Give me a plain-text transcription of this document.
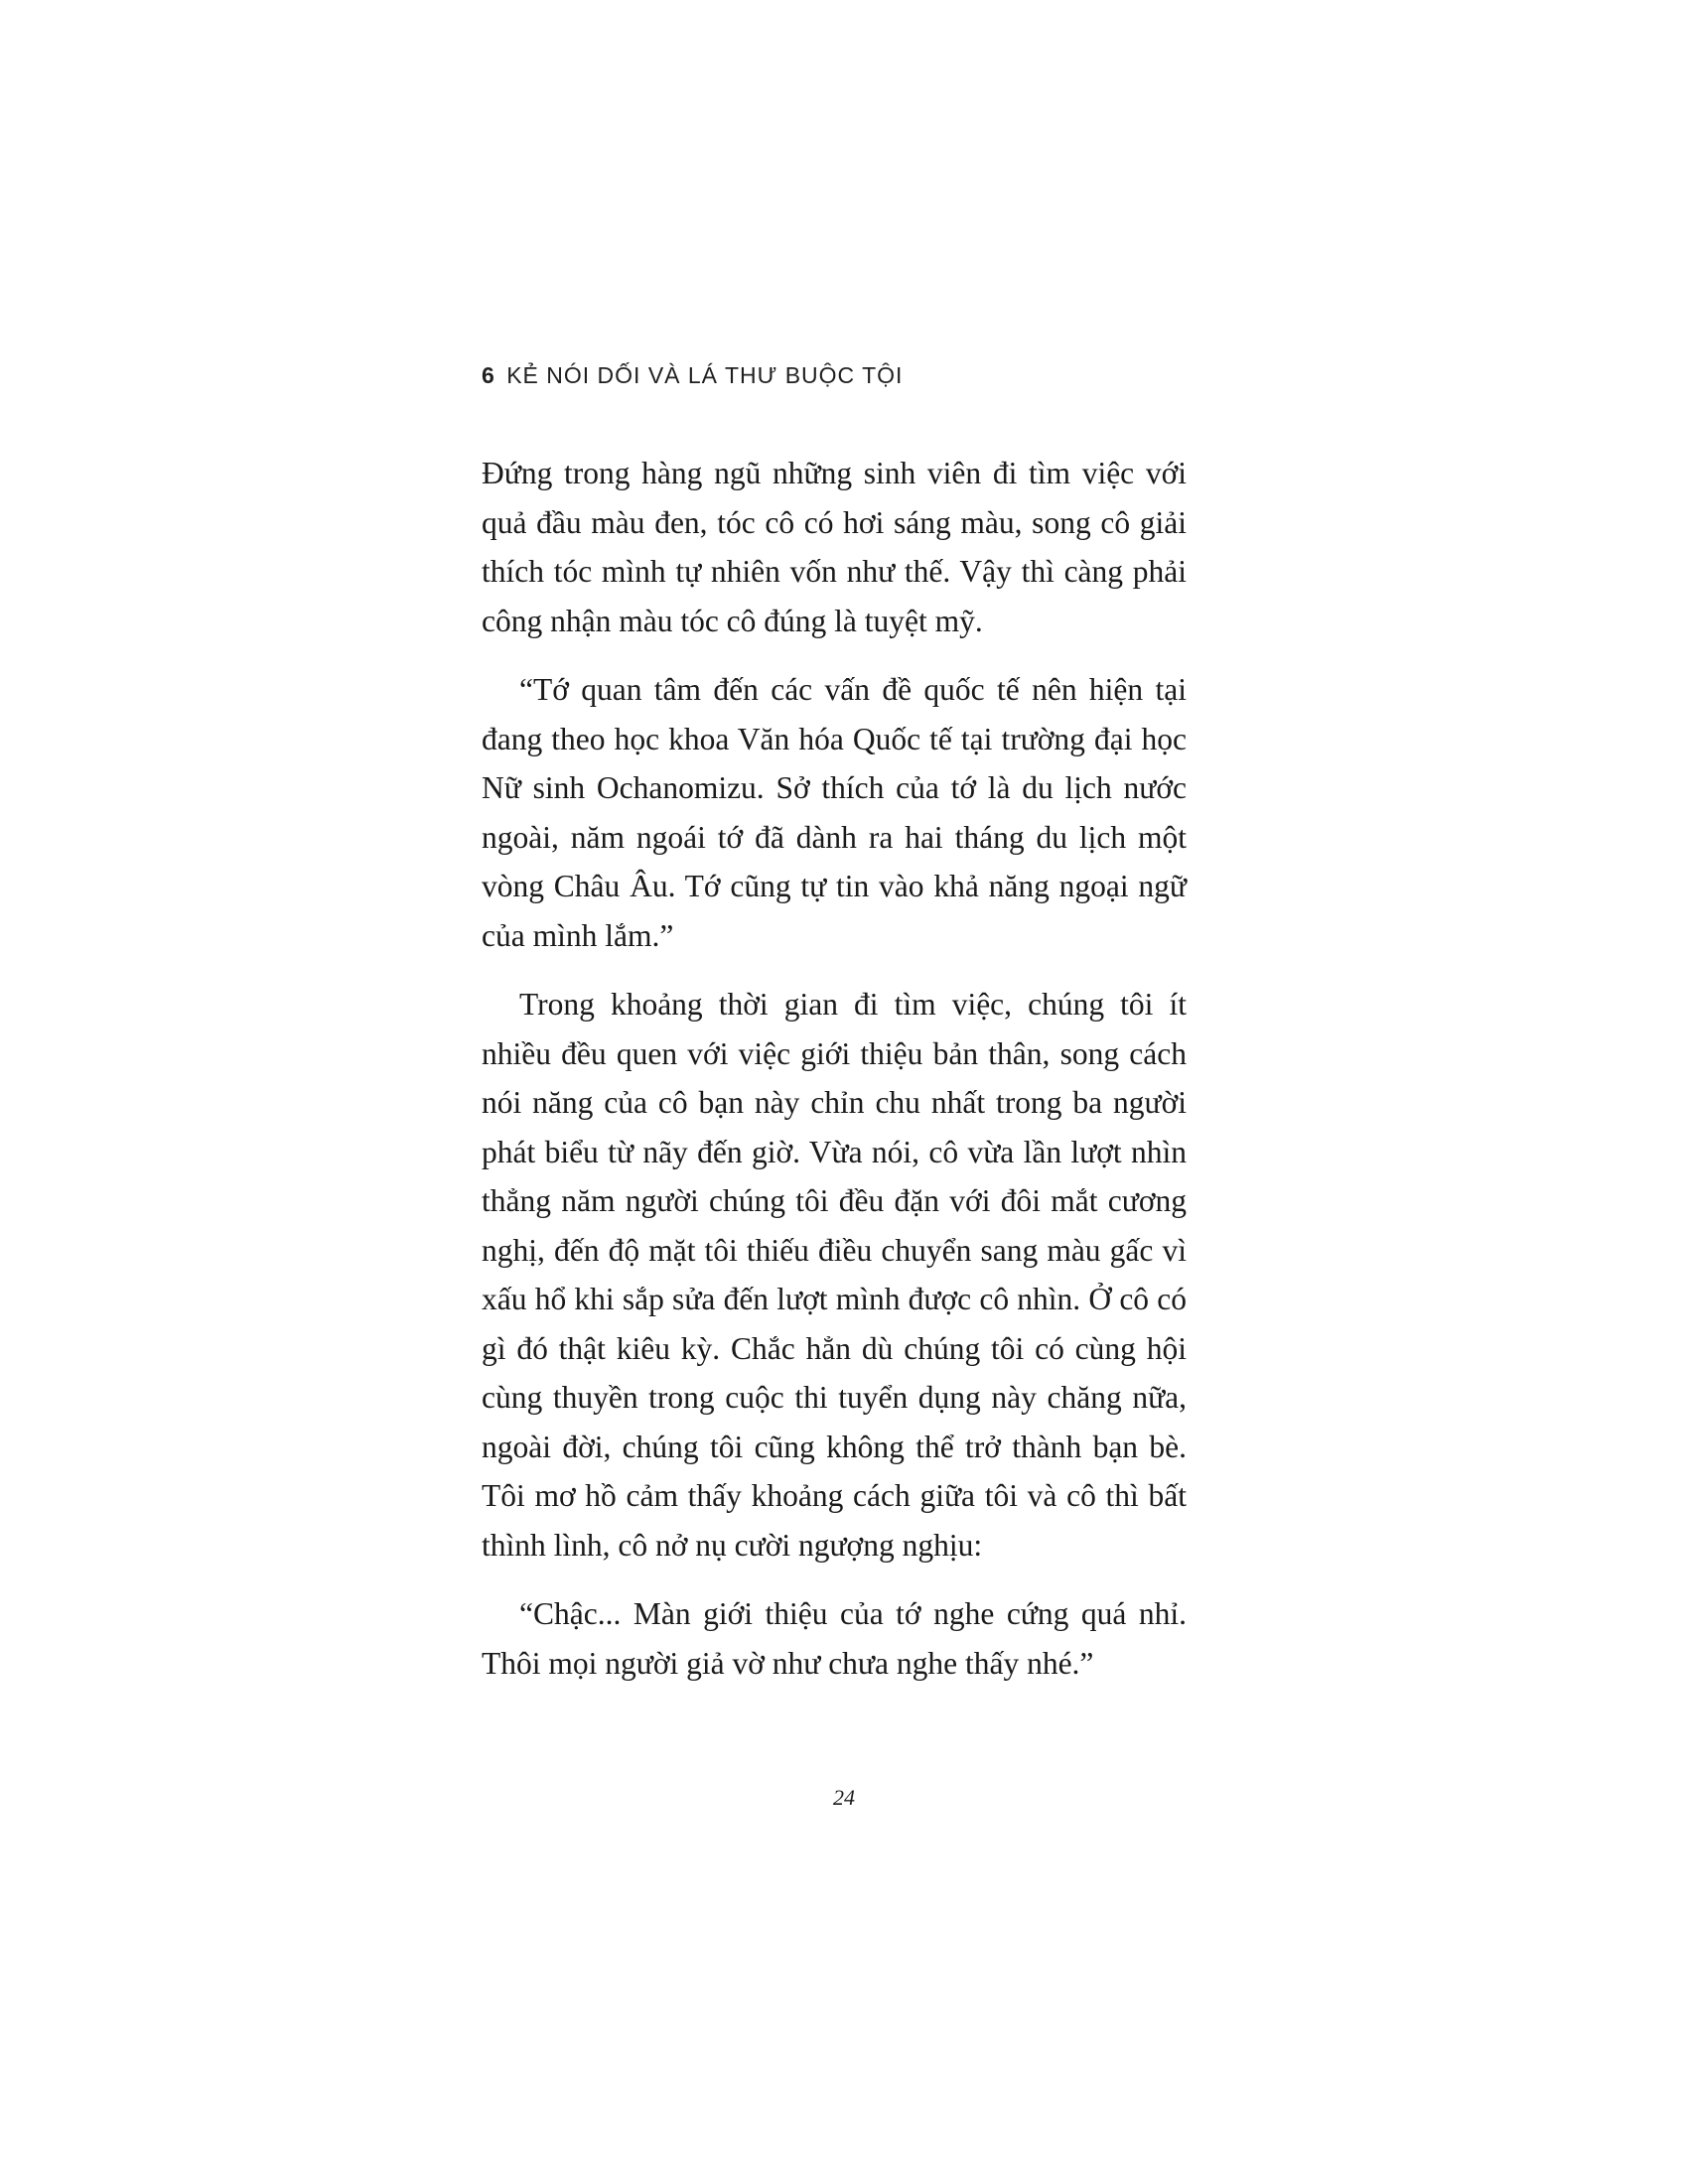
6 KẺ NÓI DỐI VÀ LÁ THƯ BUỘC TỘI

Đứng trong hàng ngũ những sinh viên đi tìm việc với quả đầu màu đen, tóc cô có hơi sáng màu, song cô giải thích tóc mình tự nhiên vốn như thế. Vậy thì càng phải công nhận màu tóc cô đúng là tuyệt mỹ.

“Tớ quan tâm đến các vấn đề quốc tế nên hiện tại đang theo học khoa Văn hóa Quốc tế tại trường đại học Nữ sinh Ochanomizu. Sở thích của tớ là du lịch nước ngoài, năm ngoái tớ đã dành ra hai tháng du lịch một vòng Châu Âu. Tớ cũng tự tin vào khả năng ngoại ngữ của mình lắm.”

Trong khoảng thời gian đi tìm việc, chúng tôi ít nhiều đều quen với việc giới thiệu bản thân, song cách nói năng của cô bạn này chỉn chu nhất trong ba người phát biểu từ nãy đến giờ. Vừa nói, cô vừa lần lượt nhìn thẳng năm người chúng tôi đều đặn với đôi mắt cương nghị, đến độ mặt tôi thiếu điều chuyển sang màu gấc vì xấu hổ khi sắp sửa đến lượt mình được cô nhìn. Ở cô có gì đó thật kiêu kỳ. Chắc hẳn dù chúng tôi có cùng hội cùng thuyền trong cuộc thi tuyển dụng này chăng nữa, ngoài đời, chúng tôi cũng không thể trở thành bạn bè. Tôi mơ hồ cảm thấy khoảng cách giữa tôi và cô thì bất thình lình, cô nở nụ cười ngượng nghịu:

“Chậc... Màn giới thiệu của tớ nghe cứng quá nhỉ. Thôi mọi người giả vờ như chưa nghe thấy nhé.”

24
